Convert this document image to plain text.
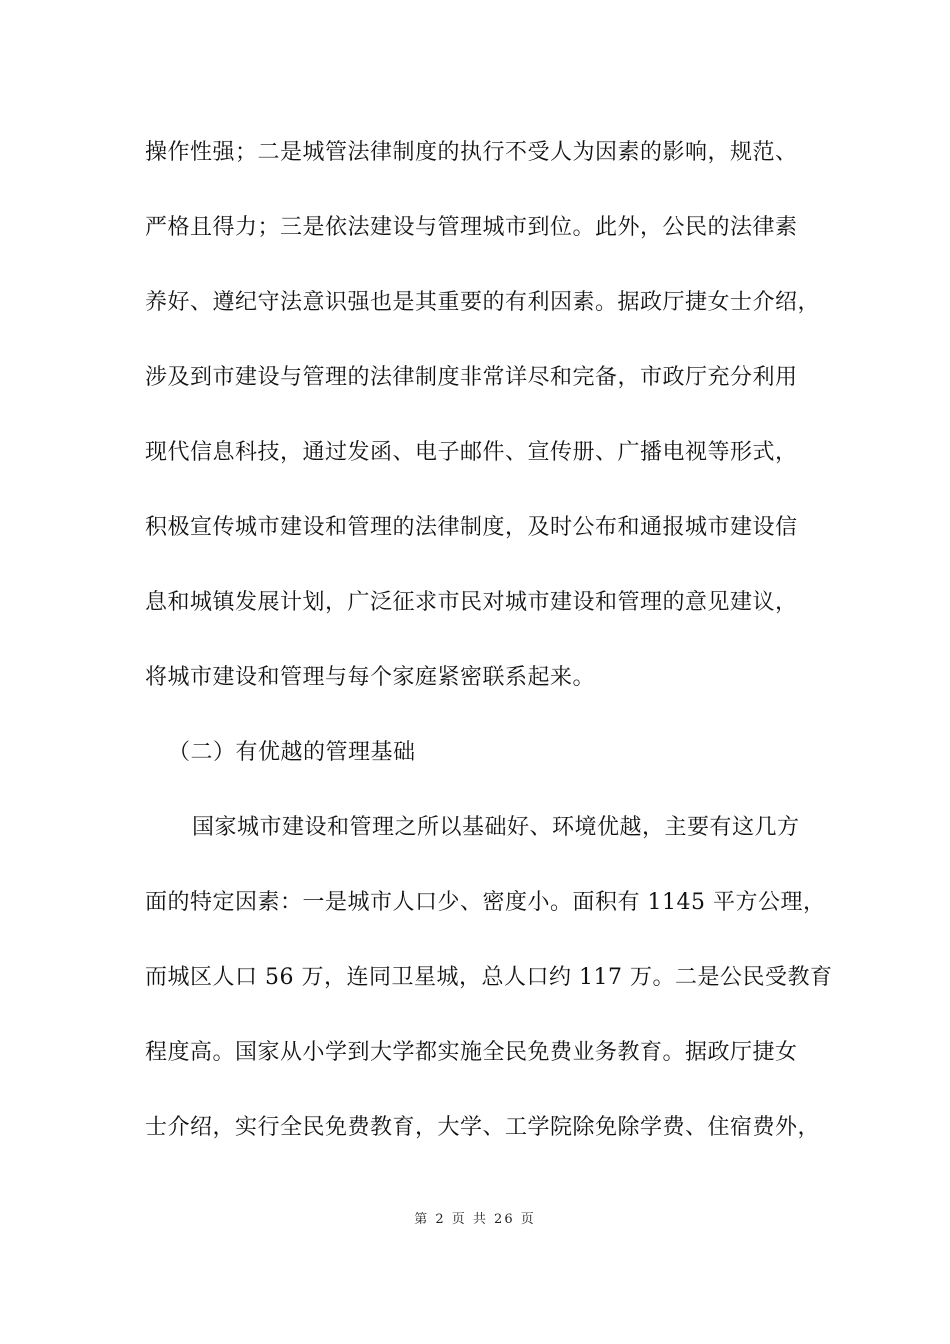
操作性强；二是城管法律制度的执行不受人为因素的影响，规范、
严格且得力；三是依法建设与管理城市到位。此外，公民的法律素
养好、遵纪守法意识强也是其重要的有利因素。据政厅捷女士介绍，
涉及到市建设与管理的法律制度非常详尽和完备，市政厅充分利用
现代信息科技，通过发函、电子邮件、宣传册、广播电视等形式，
积极宣传城市建设和管理的法律制度，及时公布和通报城市建设信
息和城镇发展计划，广泛征求市民对城市建设和管理的意见建议，
将城市建设和管理与每个家庭紧密联系起来。
（二）有优越的管理基础
国家城市建设和管理之所以基础好、环境优越，主要有这几方
面的特定因素：一是城市人口少、密度小。面积有 1145 平方公理，
而城区人口 56 万，连同卫星城，总人口约 117 万。二是公民受教育
程度高。国家从小学到大学都实施全民免费业务教育。据政厅捷女
士介绍，实行全民免费教育，大学、工学院除免除学费、住宿费外，
第 2 页 共 26 页
